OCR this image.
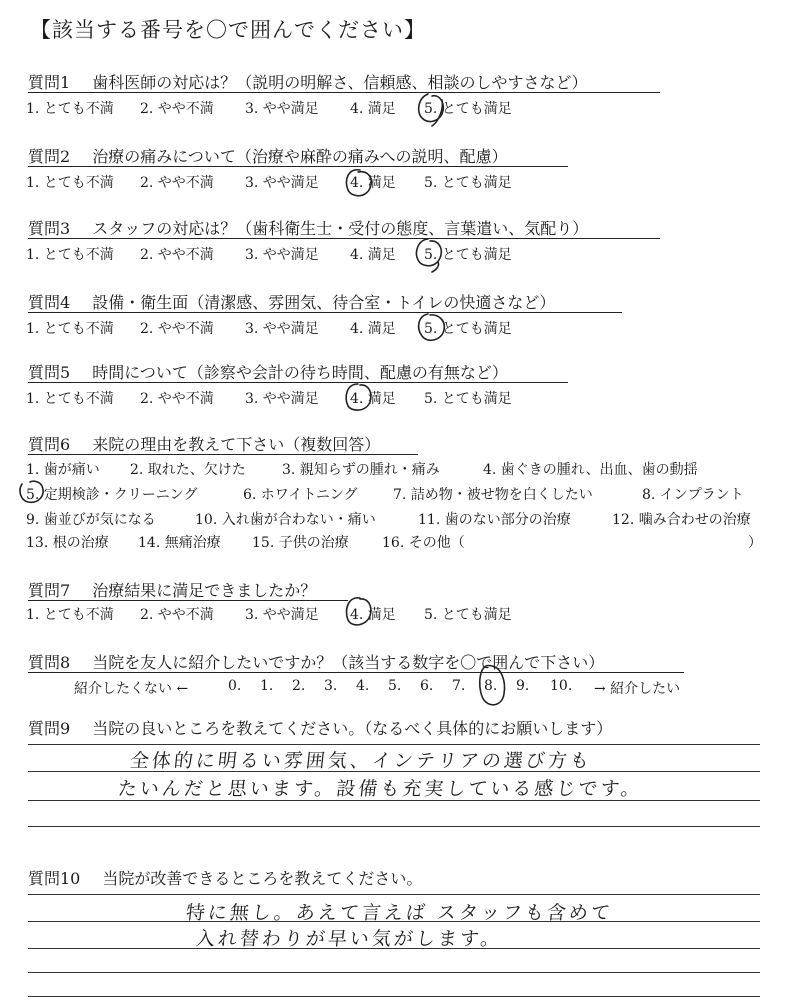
【該当する番号を〇で囲んでください】
質問1 歯科医師の対応は？（説明の明解さ、信頼感、相談のしやすさなど）
1. とても不満 2. やや不満 3. やや満足 4. 満足 5. とても満足
質問2 治療の痛みについて（治療や麻酔の痛みへの説明、配慮）
1. とても不満 2. やや不満 3. やや満足 4. 満足 5. とても満足
質問3 スタッフの対応は？（歯科衛生士・受付の態度、言葉遣い、気配り）
1. とても不満 2. やや不満 3. やや満足 4. 満足 5. とても満足
質問4 設備・衛生面（清潔感、雰囲気、待合室・トイレの快適さなど）
1. とても不満 2. やや不満 3. やや満足 4. 満足 5. とても満足
質問5 時間について（診察や会計の待ち時間、配慮の有無など）
1. とても不満 2. やや不満 3. やや満足 4. 満足 5. とても満足
質問6 来院の理由を教えて下さい（複数回答）
1. 歯が痛い 2. 取れた、欠けた	3. 親知らずの腫れ・痛み	4. 歯ぐきの腫れ、出血、歯の動揺
5. 定期検診・クリーニング	6. ホワイトニング	7. 詰め物・被せ物を白くしたい	8. インプラント
9. 歯並びが気になる	10. 入れ歯が合わない・痛い	11. 歯のない部分の治療	12. 噛み合わせの治療
13. 根の治療 14. 無痛治療 15. 子供の治療 16. その他（	）
質問7 治療結果に満足できましたか？
1. とても不満 2. やや不満 3. やや満足 4. 満足 5. とても満足
質問8 当院を友人に紹介したいですか？（該当する数字を〇で囲んで下さい）
紹介したくない ←	0. 1. 2. 3. 4. 5. 6. 7. 8. 9. 10. → 紹介したい
質問9 当院の良いところを教えてください。（なるべく具体的にお願いします）
全体的に明るい雰囲気、インテリアの選び方も
たいんだと思います。設備も充実している感じです。
質問10 当院が改善できるところを教えてください。
特に無し。あえて言えば スタッフも含めて
入れ替わりが早い気がします。
